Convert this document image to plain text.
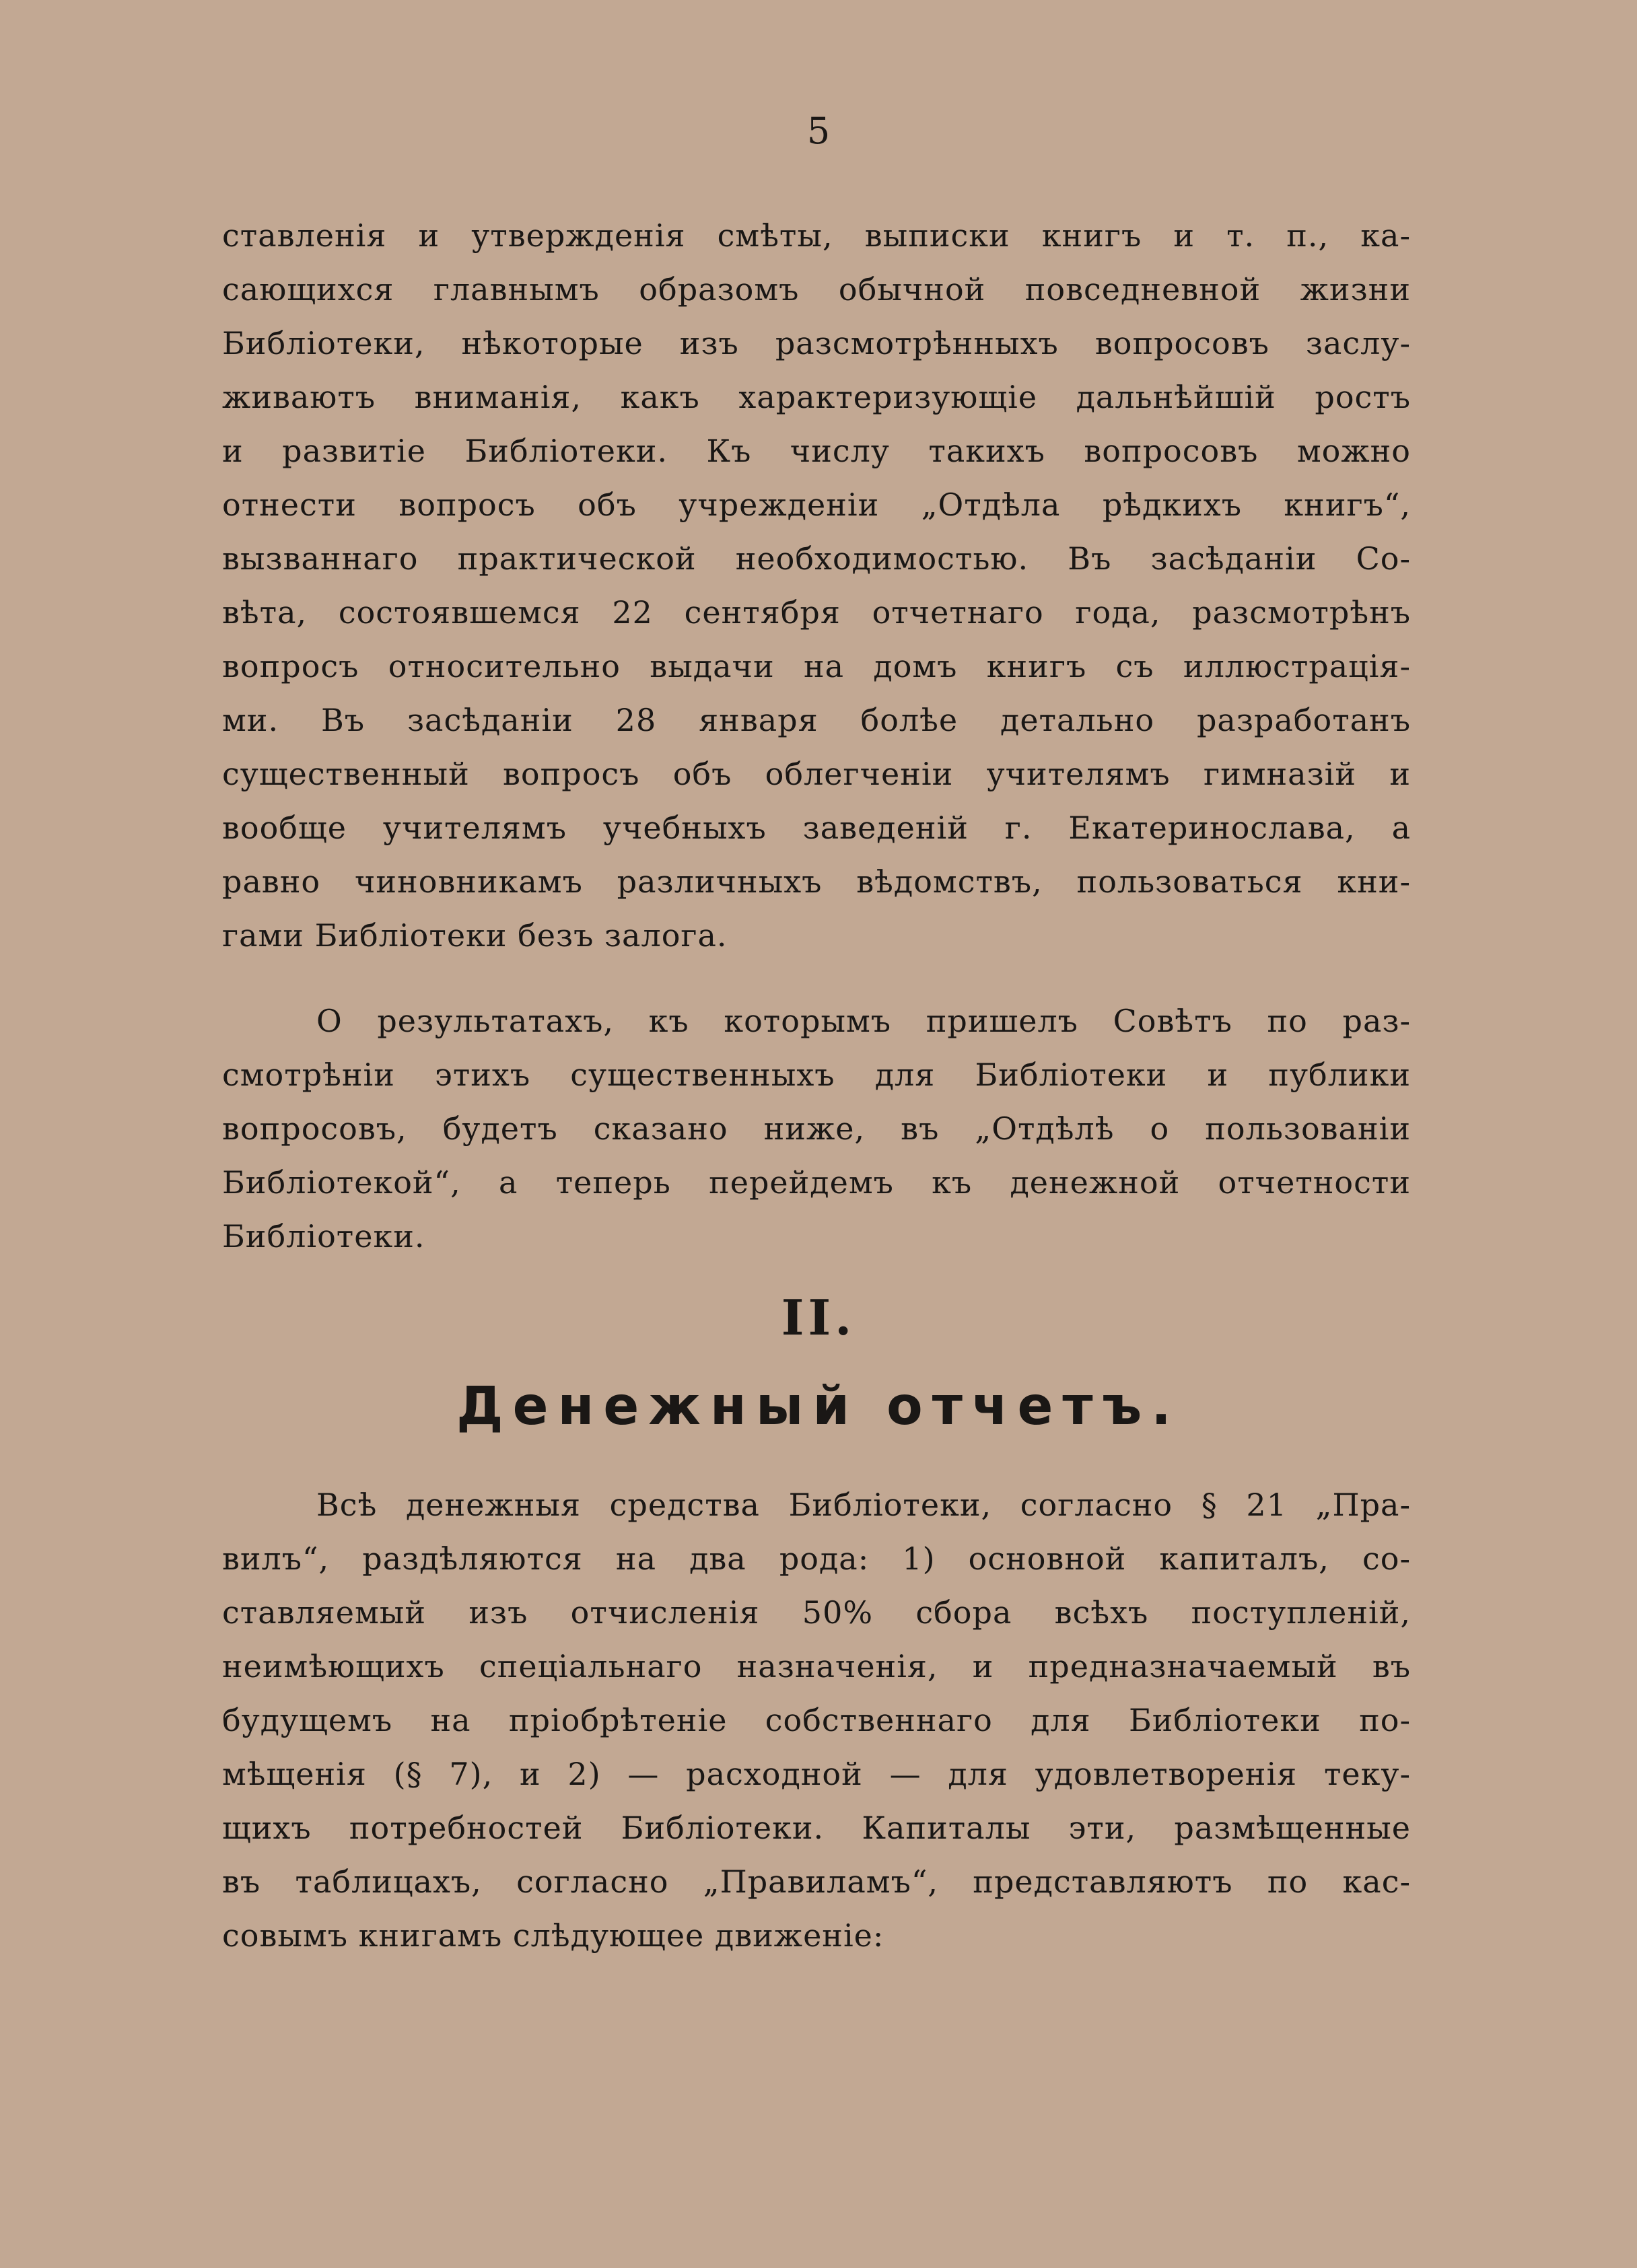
5
ставленія и утвержденія смѣты, выписки книгъ и т. п., ка-
сающихся главнымъ образомъ обычной повседневной жизни
Библіотеки, нѣкоторые изъ разсмотрѣнныхъ вопросовъ заслу-
живаютъ вниманія, какъ характеризующіе дальнѣйшій ростъ
и развитіе Библіотеки. Къ числу такихъ вопросовъ можно
отнести вопросъ объ учрежденіи „Отдѣла рѣдкихъ книгъ“,
вызваннаго практической необходимостью. Въ засѣданіи Со-
вѣта, состоявшемся 22 сентября отчетнаго года, разсмотрѣнъ
вопросъ относительно выдачи на домъ книгъ съ иллюстрація-
ми. Въ засѣданіи 28 января болѣе детально разработанъ
существенный вопросъ объ облегченіи учителямъ гимназій и
вообще учителямъ учебныхъ заведеній г. Екатеринослава, а
равно чиновникамъ различныхъ вѣдомствъ, пользоваться кни-
гами Библіотеки безъ залога.
О результатахъ, къ которымъ пришелъ Совѣтъ по раз-
смотрѣніи этихъ существенныхъ для Библіотеки и публики
вопросовъ, будетъ сказано ниже, въ „Отдѣлѣ о пользованіи
Библіотекой“, а теперь перейдемъ къ денежной отчетности
Библіотеки.
II.
Денежный отчетъ.
Всѣ денежныя средства Библіотеки, согласно § 21 „Пра-
вилъ“, раздѣляются на два рода: 1) основной капиталъ, со-
ставляемый изъ отчисленія 50% сбора всѣхъ поступленій,
неимѣющихъ спеціальнаго назначенія, и предназначаемый въ
будущемъ на пріобрѣтеніе собственнаго для Библіотеки по-
мѣщенія (§ 7), и 2) — расходной — для удовлетворенія теку-
щихъ потребностей Библіотеки. Капиталы эти, размѣщенные
въ таблицахъ, согласно „Правиламъ“, представляютъ по кас-
совымъ книгамъ слѣдующее движеніе:
